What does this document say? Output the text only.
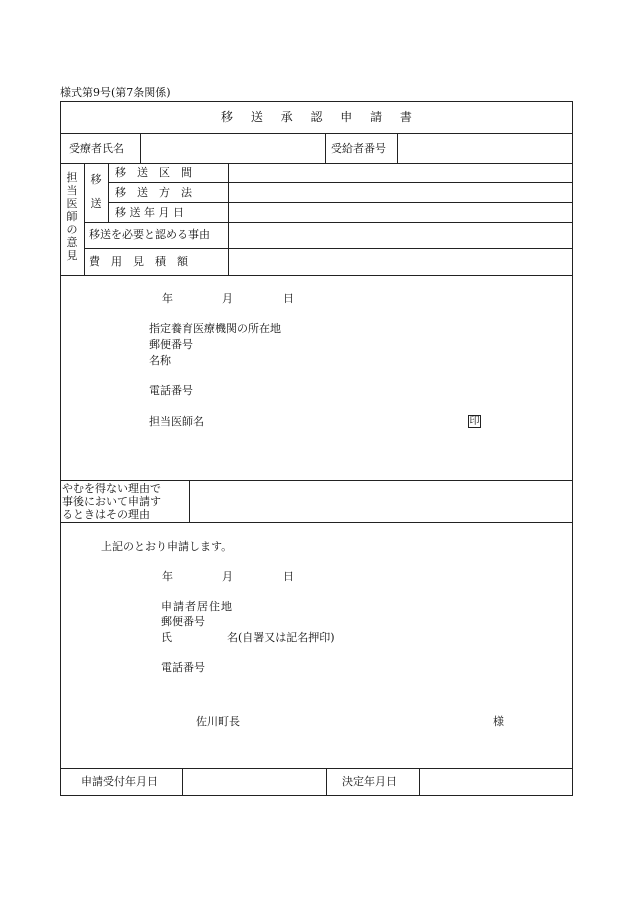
様式第9号(第7条関係)
移 送 承 認 申 請 書
受療者氏名	受給者番号
担当医師の意見
移送
移　送　区　間
移　送　方　法
移 送 年 月 日
移送を必要と認める事由
費　用　見　積　額
年	月	日
指定養育医療機関の所在地
郵便番号
名称
電話番号
担当医師名	印
やむを得ない理由で
事後において申請す
るときはその理由
上記のとおり申請します。
年	月	日
申請者居住地
郵便番号
氏　　　　　名(自署又は記名押印)
電話番号
佐川町長	様
申請受付年月日	決定年月日
